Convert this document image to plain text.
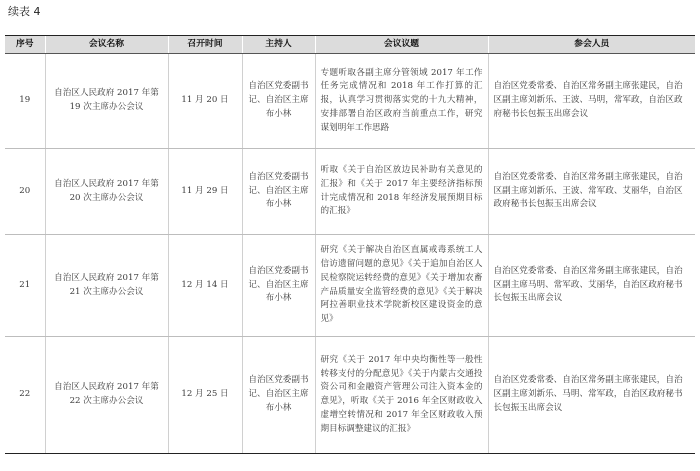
续表 4
序号	会议名称	召开时间	主持人	会议议题	参会人员
19	自治区人民政府 2017 年第 19 次主席办公会议	11 月 20 日	自治区党委副书记、自治区主席布小林	专题听取各副主席分管领域 2017 年工作任务完成情况和 2018 年工作打算的汇报，认真学习贯彻落实党的十九大精神，安排部署自治区政府当前重点工作，研究谋划明年工作思路	自治区党委常委、自治区常务副主席张建民，自治区副主席刘新乐、王波、马明，常军政，自治区政府秘书长包振玉出席会议
20	自治区人民政府 2017 年第 20 次主席办公会议	11 月 29 日	自治区党委副书记、自治区主席布小林	听取《关于自治区放边民补助有关意见的汇报》和《关于 2017 年主要经济指标预计完成情况和 2018 年经济发展预期目标的汇报》	自治区党委常委、自治区常务副主席张建民，自治区副主席刘新乐、王波、常军政、艾丽华，自治区政府秘书长包振玉出席会议
21	自治区人民政府 2017 年第 21 次主席办公会议	12 月 14 日	自治区党委副书记、自治区主席布小林	研究《关于解决自治区直属戒毒系统工人信访遗留问题的意见》《关于追加自治区人民检察院运转经费的意见》《关于增加农畜产品质量安全监管经费的意见》《关于解决阿拉善职业技术学院新校区建设资金的意见》	自治区党委常委、自治区常务副主席张建民，自治区副主席马明、常军政、艾丽华，自治区政府秘书长包振玉出席会议
22	自治区人民政府 2017 年第 22 次主席办公会议	12 月 25 日	自治区党委副书记、自治区主席布小林	研究《关于 2017 年中央均衡性等一般性转移支付的分配意见》《关于内蒙古交通投资公司和金融资产管理公司注入资本金的意见》，听取《关于 2016 年全区财政收入虚增空转情况和 2017 年全区财政收入预期目标调整建议的汇报》	自治区党委常委、自治区常务副主席张建民，自治区副主席刘新乐、马明、常军政，自治区政府秘书长包振玉出席会议
